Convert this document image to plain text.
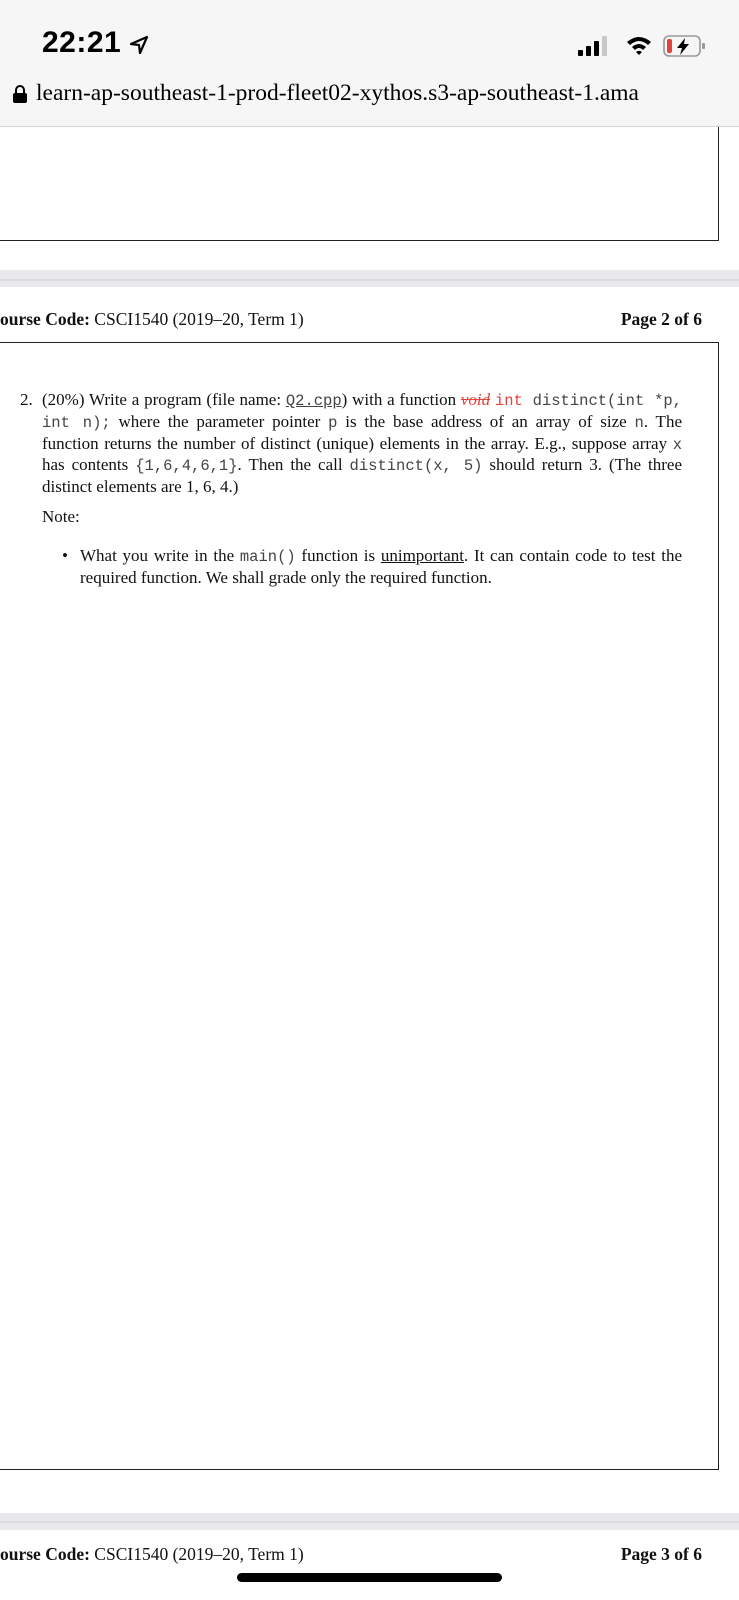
22:21
learn-ap-southeast-1-prod-fleet02-xythos.s3-ap-southeast-1.ama
ourse Code: CSCI1540 (2019–20, Term 1)	Page 2 of 6
2. (20%) Write a program (file name: Q2.cpp) with a function void int distinct(int *p, int n); where the parameter pointer p is the base address of an array of size n. The function returns the number of distinct (unique) elements in the array. E.g., suppose array x has contents {1,6,4,6,1}. Then the call distinct(x, 5) should return 3. (The three distinct elements are 1, 6, 4.)
Note:
• What you write in the main() function is unimportant. It can contain code to test the required function. We shall grade only the required function.
ourse Code: CSCI1540 (2019–20, Term 1)	Page 3 of 6
